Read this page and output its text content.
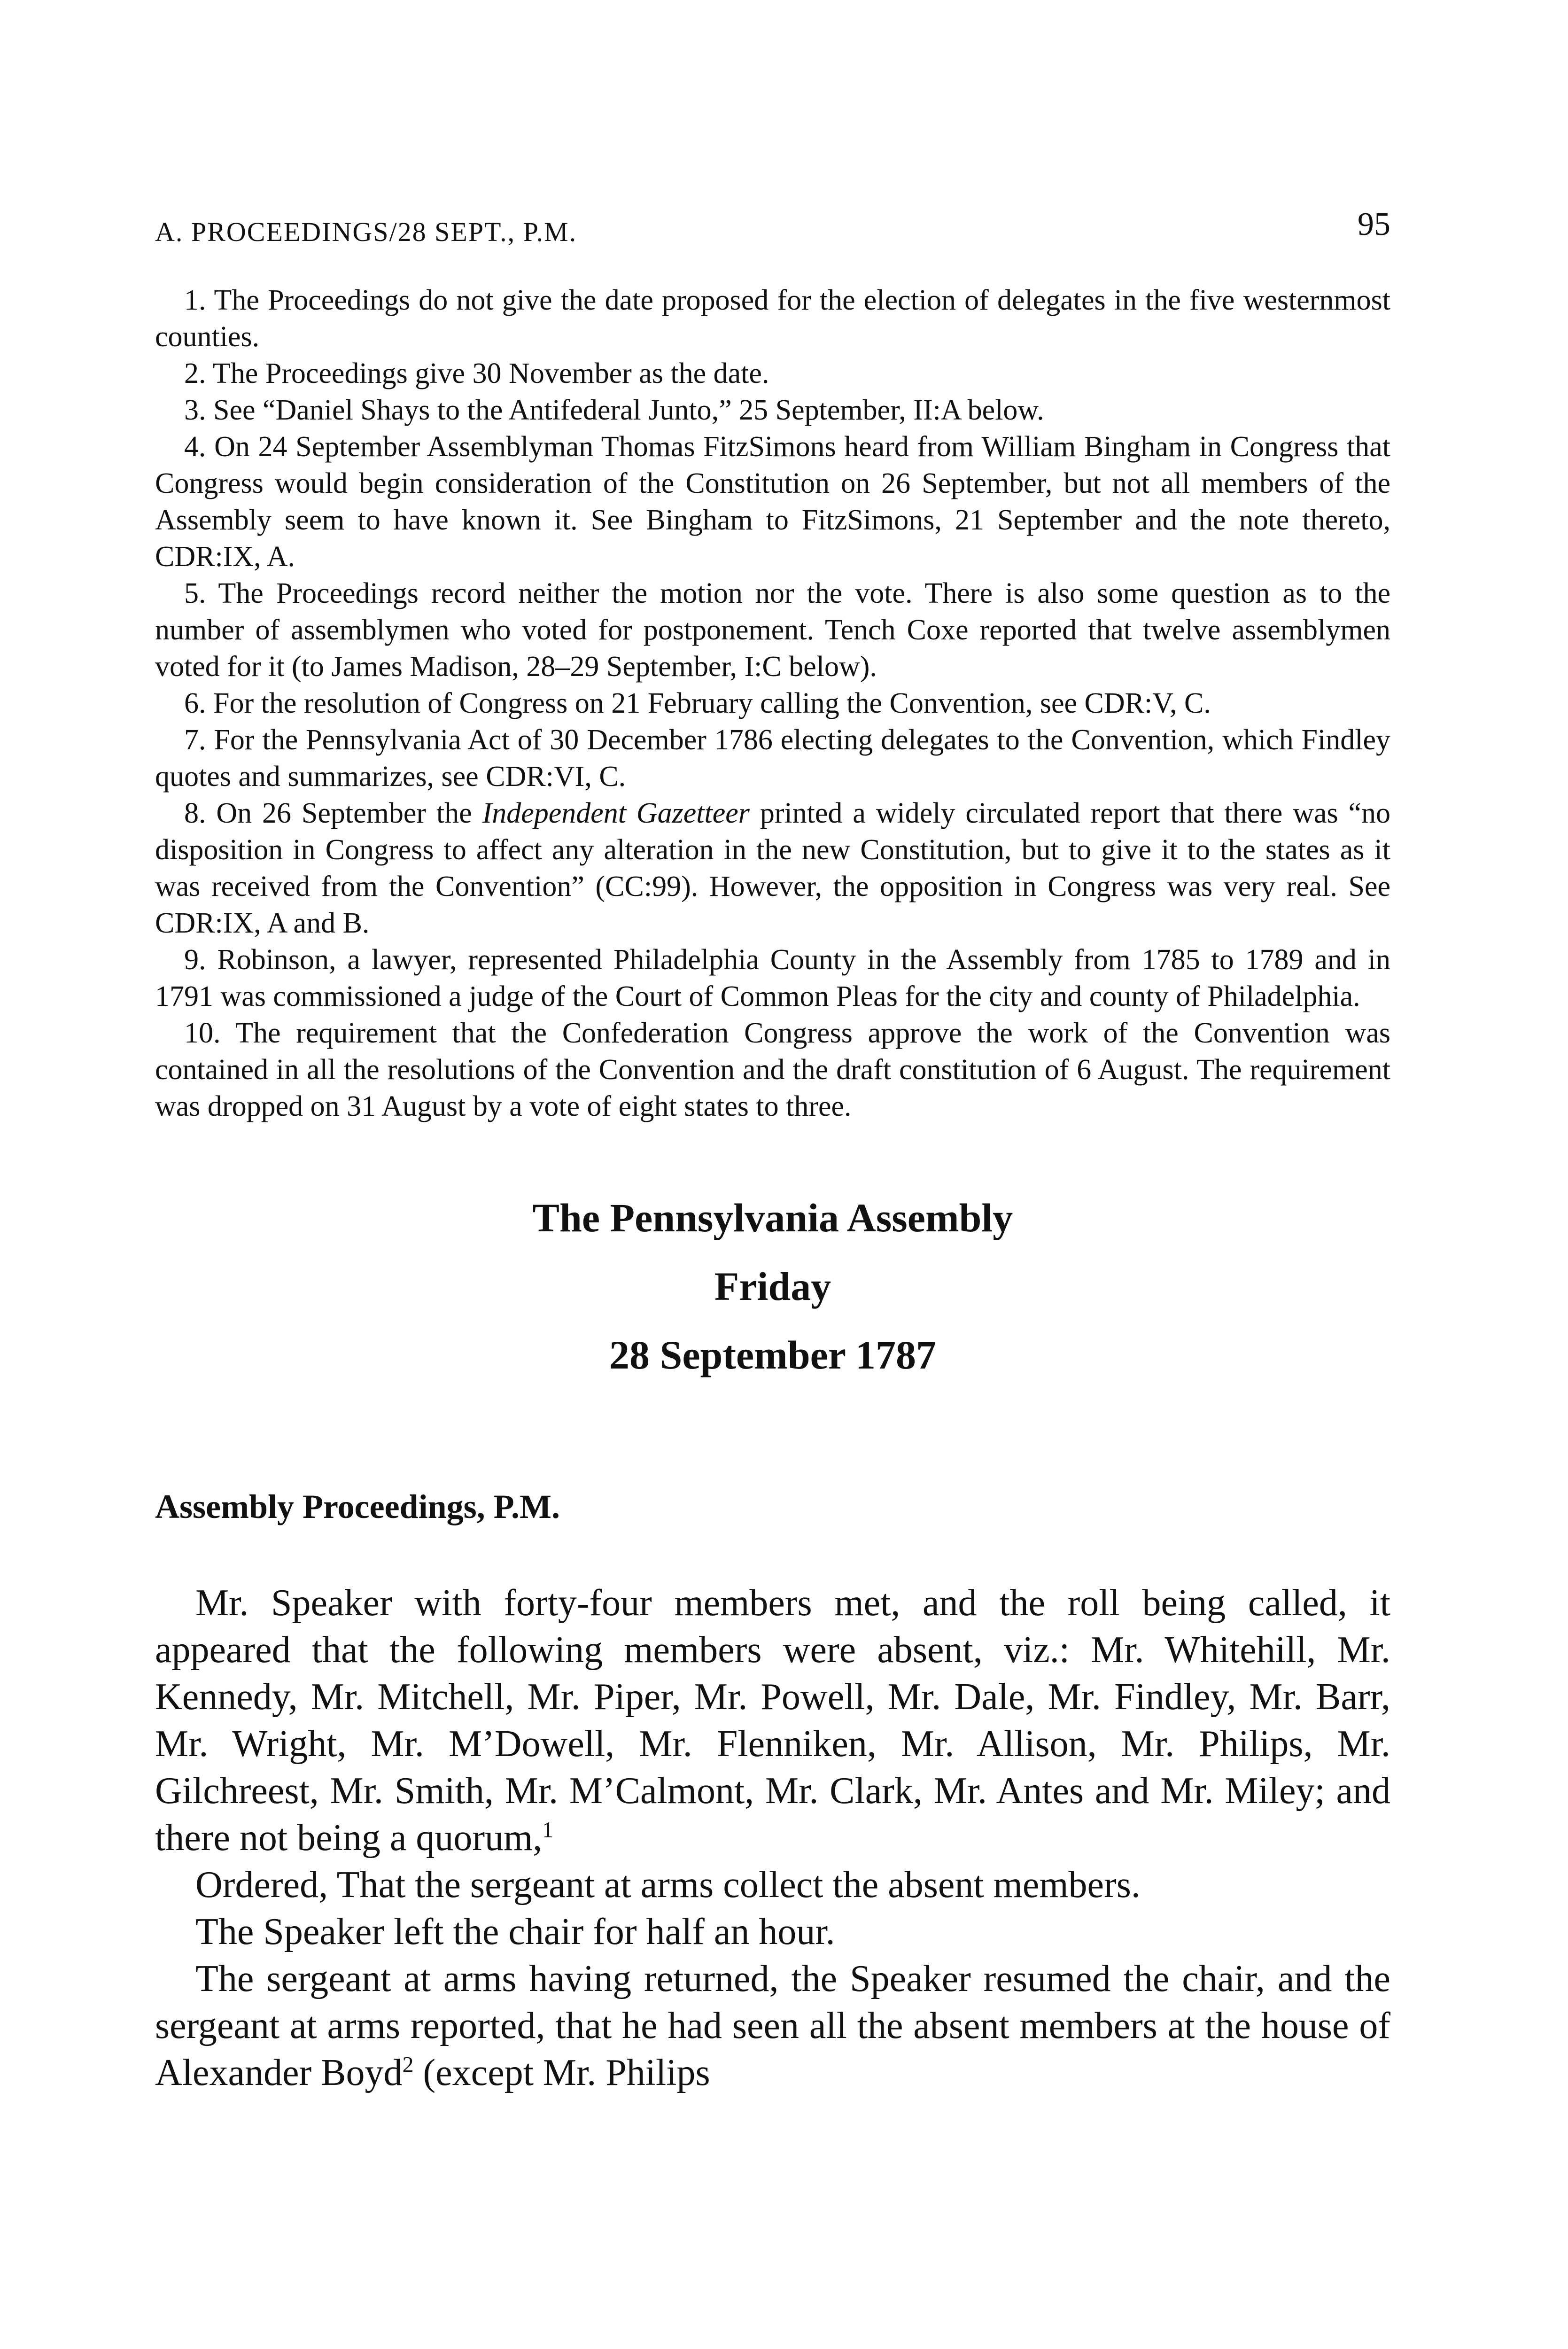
A. PROCEEDINGS/28 SEPT., P.M.	95

1. The Proceedings do not give the date proposed for the election of delegates in the five westernmost counties.

2. The Proceedings give 30 November as the date.

3. See “Daniel Shays to the Antifederal Junto,” 25 September, II:A below.

4. On 24 September Assemblyman Thomas FitzSimons heard from William Bingham in Congress that Congress would begin consideration of the Constitution on 26 September, but not all members of the Assembly seem to have known it. See Bingham to FitzSimons, 21 September and the note thereto, CDR:IX, A.

5. The Proceedings record neither the motion nor the vote. There is also some question as to the number of assemblymen who voted for postponement. Tench Coxe reported that twelve assemblymen voted for it (to James Madison, 28–29 September, I:C below).

6. For the resolution of Congress on 21 February calling the Convention, see CDR:V, C.

7. For the Pennsylvania Act of 30 December 1786 electing delegates to the Convention, which Findley quotes and summarizes, see CDR:VI, C.

8. On 26 September the Independent Gazetteer printed a widely circulated report that there was “no disposition in Congress to affect any alteration in the new Constitution, but to give it to the states as it was received from the Convention” (CC:99). However, the opposition in Congress was very real. See CDR:IX, A and B.

9. Robinson, a lawyer, represented Philadelphia County in the Assembly from 1785 to 1789 and in 1791 was commissioned a judge of the Court of Common Pleas for the city and county of Philadelphia.

10. The requirement that the Confederation Congress approve the work of the Convention was contained in all the resolutions of the Convention and the draft constitution of 6 August. The requirement was dropped on 31 August by a vote of eight states to three.

The Pennsylvania Assembly

Friday

28 September 1787

Assembly Proceedings, P.M.

Mr. Speaker with forty-four members met, and the roll being called, it appeared that the following members were absent, viz.: Mr. Whitehill, Mr. Kennedy, Mr. Mitchell, Mr. Piper, Mr. Powell, Mr. Dale, Mr. Findley, Mr. Barr, Mr. Wright, Mr. M’Dowell, Mr. Flenniken, Mr. Allison, Mr. Philips, Mr. Gilchreest, Mr. Smith, Mr. M’Calmont, Mr. Clark, Mr. Antes and Mr. Miley; and there not being a quorum,$^1$

Ordered, That the sergeant at arms collect the absent members.

The Speaker left the chair for half an hour.

The sergeant at arms having returned, the Speaker resumed the chair, and the sergeant at arms reported, that he had seen all the absent members at the house of Alexander Boyd$^2$ (except Mr. Philips
